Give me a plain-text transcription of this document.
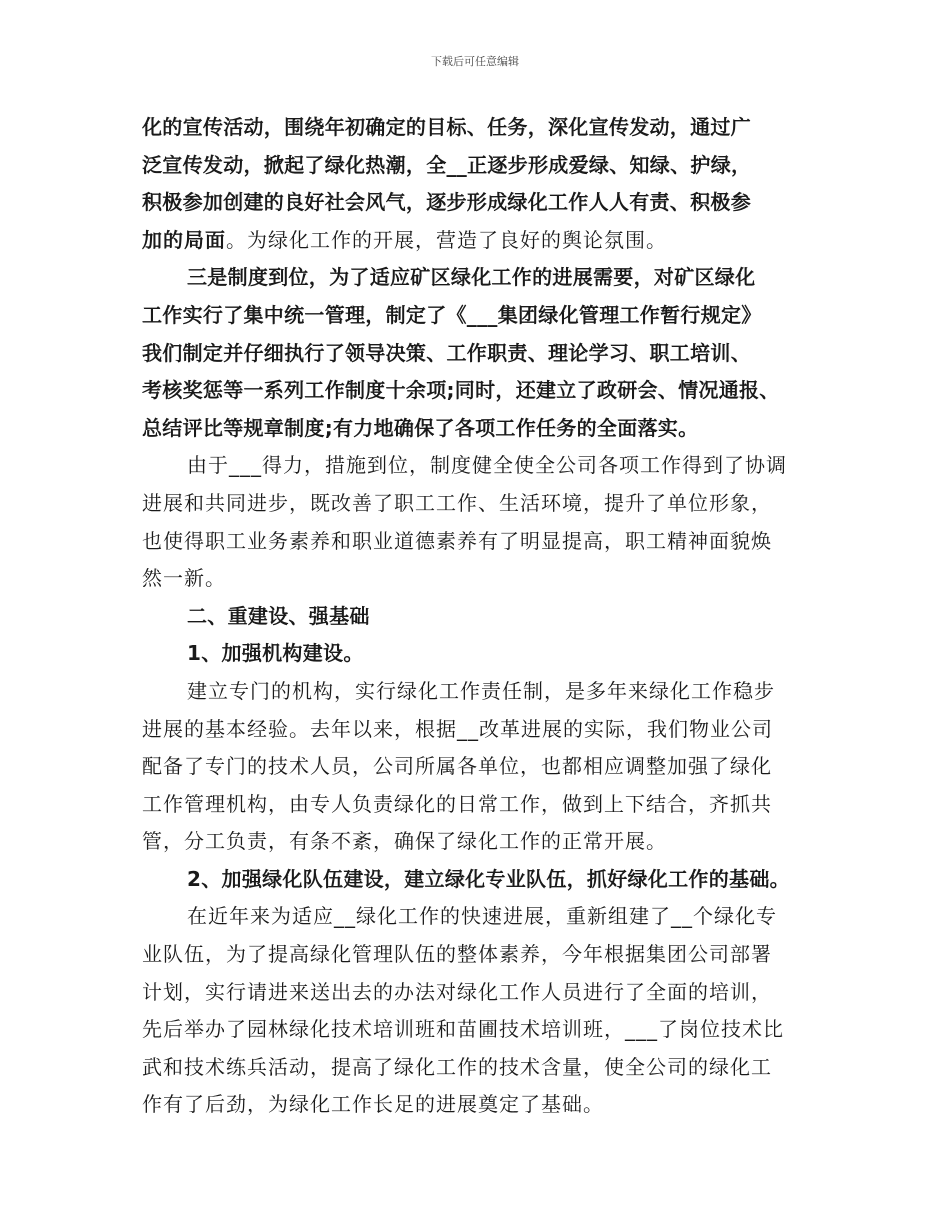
下载后可任意编辑
化的宣传活动，围绕年初确定的目标、任务，深化宣传发动，通过广
泛宣传发动，掀起了绿化热潮，全__正逐步形成爱绿、知绿、护绿，
积极参加创建的良好社会风气，逐步形成绿化工作人人有责、积极参
加的局面。为绿化工作的开展，营造了良好的舆论氛围。
三是制度到位，为了适应矿区绿化工作的进展需要，对矿区绿化
工作实行了集中统一管理，制定了《___集团绿化管理工作暂行规定》
我们制定并仔细执行了领导决策、工作职责、理论学习、职工培训、
考核奖惩等一系列工作制度十余项;同时，还建立了政研会、情况通报、
总结评比等规章制度;有力地确保了各项工作任务的全面落实。
由于___得力，措施到位，制度健全使全公司各项工作得到了协调
进展和共同进步，既改善了职工工作、生活环境，提升了单位形象，
也使得职工业务素养和职业道德素养有了明显提高，职工精神面貌焕
然一新。
二、重建设、强基础
1、加强机构建设。
建立专门的机构，实行绿化工作责任制，是多年来绿化工作稳步
进展的基本经验。去年以来，根据__改革进展的实际，我们物业公司
配备了专门的技术人员，公司所属各单位，也都相应调整加强了绿化
工作管理机构，由专人负责绿化的日常工作，做到上下结合，齐抓共
管，分工负责，有条不紊，确保了绿化工作的正常开展。
2、加强绿化队伍建设，建立绿化专业队伍，抓好绿化工作的基础。
在近年来为适应__绿化工作的快速进展，重新组建了__个绿化专
业队伍，为了提高绿化管理队伍的整体素养，今年根据集团公司部署
计划，实行请进来送出去的办法对绿化工作人员进行了全面的培训，
先后举办了园林绿化技术培训班和苗圃技术培训班，___了岗位技术比
武和技术练兵活动，提高了绿化工作的技术含量，使全公司的绿化工
作有了后劲，为绿化工作长足的进展奠定了基础。
